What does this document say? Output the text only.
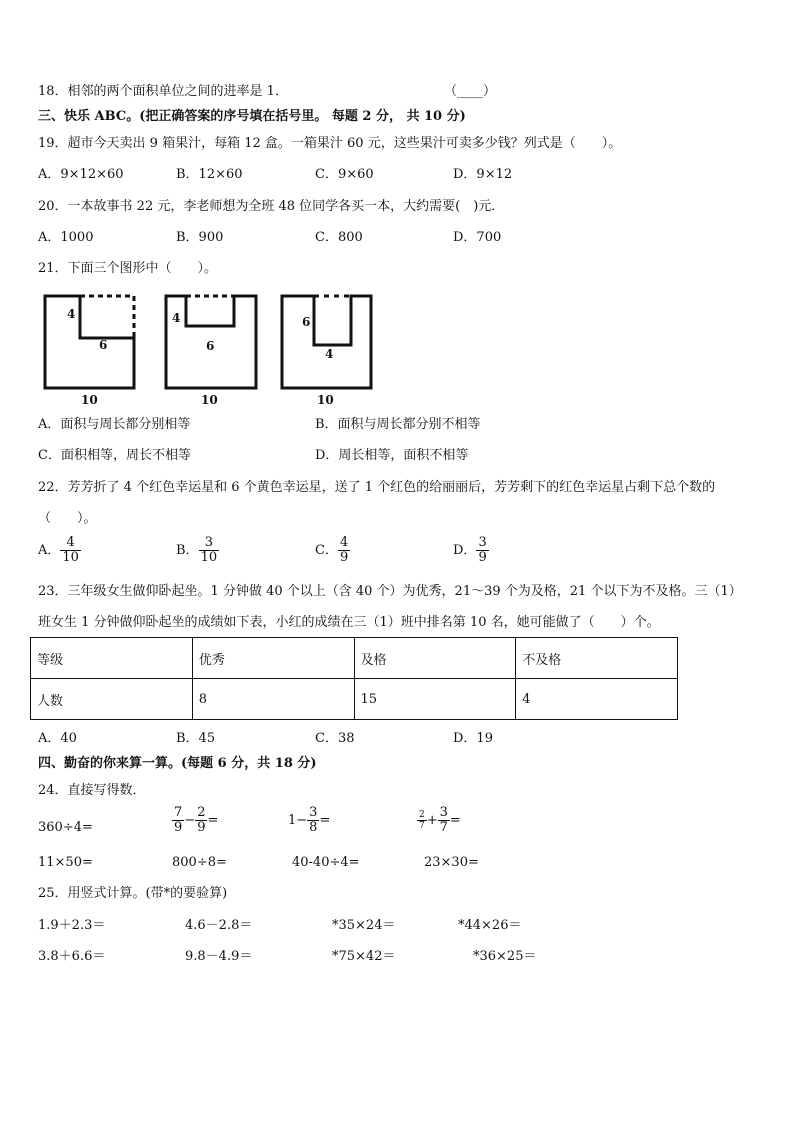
18．相邻的两个面积单位之间的进率是 1．	（____）
三、快乐 ABC。(把正确答案的序号填在括号里。 每题 2 分， 共 10 分)
19．超市今天卖出 9 箱果汁，每箱 12 盒。一箱果汁 60 元，这些果汁可卖多少钱？列式是（　　）。
A．9×12×60	B．12×60	C．9×60	D．9×12
20．一本故事书 22 元，李老师想为全班 48 位同学各买一本，大约需要(　)元．
A．1000	B．900	C．800	D．700
21．下面三个图形中（　　）。
4
6
10
4
6
10
6
4
10
A．面积与周长都分别相等	B．面积与周长都分别不相等
C．面积相等，周长不相等	D．周长相等，面积不相等
22．芳芳折了 4 个红色幸运星和 6 个黄色幸运星，送了 1 个红色的给丽丽后，芳芳剩下的红色幸运星占剩下总个数的
（　　）。
A． $\frac{4}{10}$	B． $\frac{3}{10}$	C． $\frac{4}{9}$	D． $\frac{3}{9}$
23．三年级女生做仰卧起坐。1 分钟做 40 个以上（含 40 个）为优秀，21～39 个为及格，21 个以下为不及格。三（1）
班女生 1 分钟做仰卧起坐的成绩如下表，小红的成绩在三（1）班中排名第 10 名，她可能做了（　　）个。
等级	优秀	及格	不及格
人数	8	15	4
A．40	B．45	C．38	D．19
四、勤奋的你来算一算。(每题 6 分，共 18 分)
24．直接写得数．
360÷4=	$\frac{7}{9} - \frac{2}{9}$ =	$1- \frac{3}{8}$ =	$\frac{2}{7} + \frac{3}{7}$ =
11×50=	800÷8=	40-40÷4=	23×30=
25．用竖式计算。(带*的要验算)
1.9＋2.3＝	4.6－2.8＝	*35×24＝	*44×26＝
3.8＋6.6＝	9.8－4.9＝	*75×42＝	*36×25＝
